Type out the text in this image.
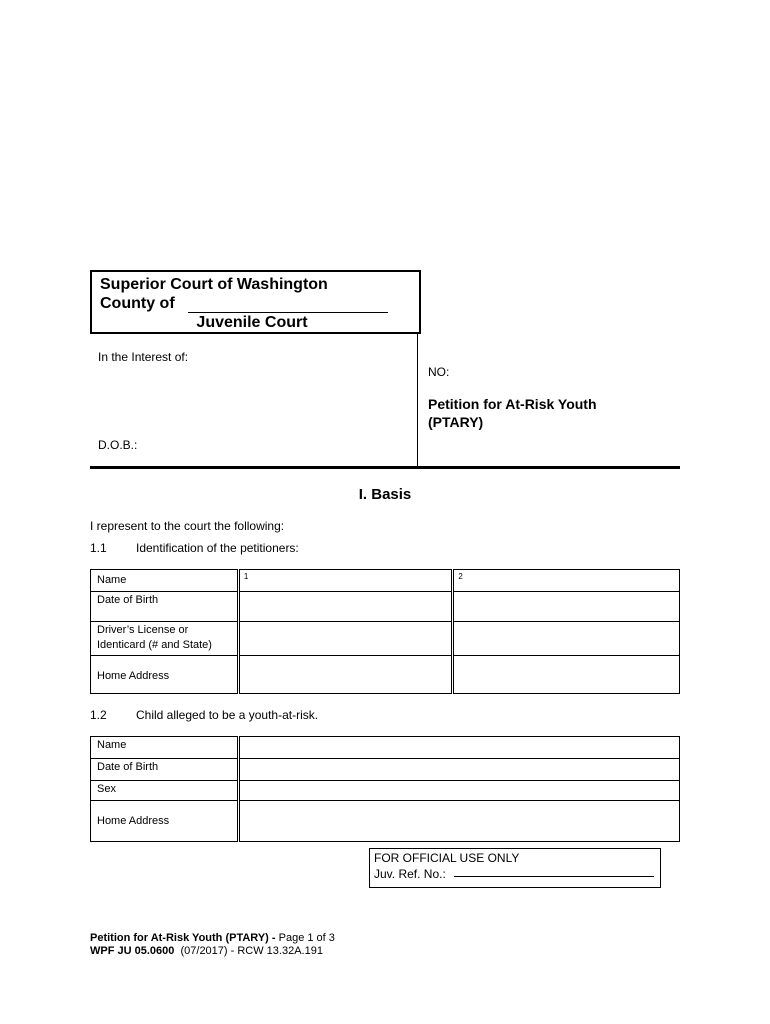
Superior Court of Washington
County of
Juvenile Court
In the Interest of:
NO:
Petition for At-Risk Youth
(PTARY)
D.O.B.:
I. Basis
I represent to the court the following:
1.1 Identification of the petitioners:
Name	1	2
Date of Birth		

Driver’s License or
Identicard (# and State)		

Home Address		
1.2 Child alleged to be a youth-at-risk.
Name	
Date of Birth	
Sex	
Home Address	
FOR OFFICIAL USE ONLY
Juv. Ref. No.:
Petition for At-Risk Youth (PTARY) - Page 1 of 3
WPF JU 05.0600  (07/2017) - RCW 13.32A.191
